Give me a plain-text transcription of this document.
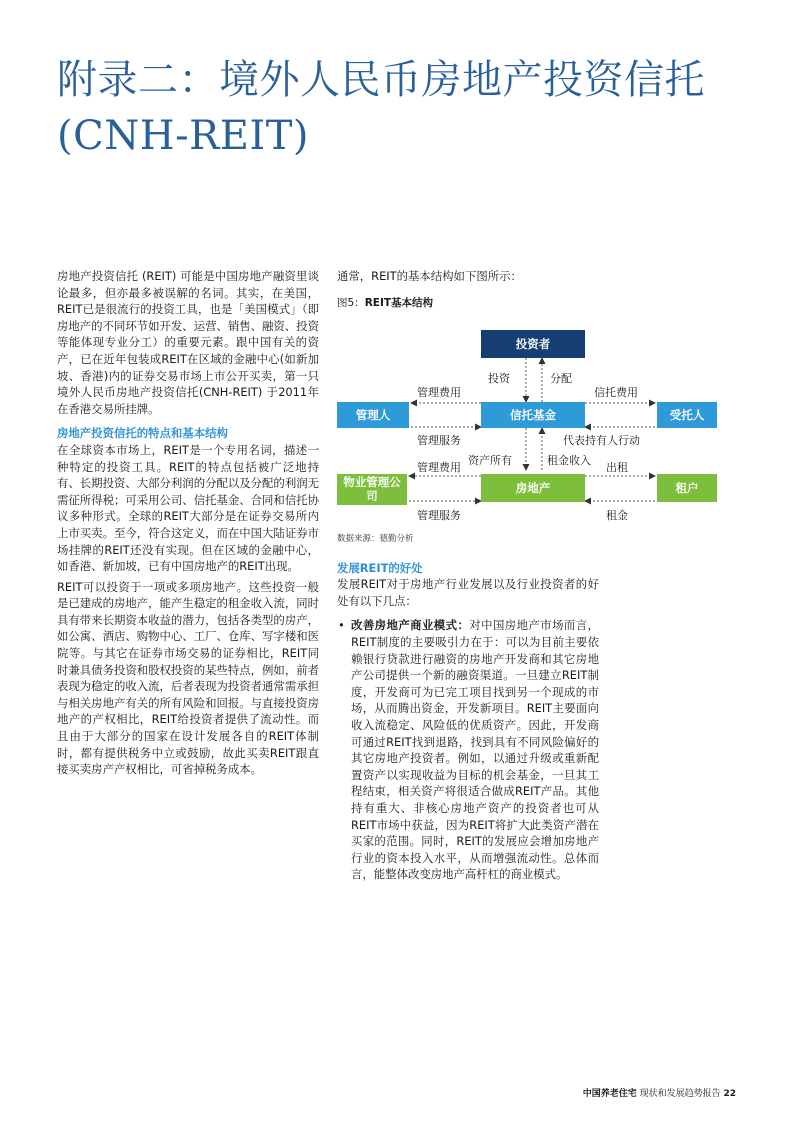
附录二：境外人民币房地产投资信托 (CNH-REIT)

房地产投资信托 (REIT) 可能是中国房地产融资里谈论最多，但亦最多被误解的名词。其实，在美国，REIT已是很流行的投资工具，也是「美国模式」（即房地产的不同环节如开发、运营、销售、融资、投资等能体现专业分工）的重要元素。跟中国有关的资产，已在近年包装成REIT在区域的金融中心(如新加坡、香港)内的证券交易市场上市公开买卖，第一只境外人民币房地产投资信托(CNH-REIT) 于2011年在香港交易所挂牌。

房地产投资信托的特点和基本结构

在全球资本市场上，REIT是一个专用名词，描述一种特定的投资工具。REIT的特点包括被广泛地持有、长期投资、大部分利润的分配以及分配的利润无需征所得税；可采用公司、信托基金、合同和信托协议多种形式。全球的REIT大部分是在证券交易所内上市买卖。至今，符合这定义，而在中国大陆证券市场挂牌的REIT还没有实现。但在区域的金融中心，如香港、新加坡，已有中国房地产的REIT出现。

REIT可以投资于一项或多项房地产。这些投资一般是已建成的房地产，能产生稳定的租金收入流，同时具有带来长期资本收益的潜力，包括各类型的房产，如公寓、酒店、购物中心、工厂、仓库、写字楼和医院等。与其它在证券市场交易的证券相比，REIT同时兼具债务投资和股权投资的某些特点，例如，前者表现为稳定的收入流，后者表现为投资者通常需承担与相关房地产有关的所有风险和回报。与直接投资房地产的产权相比，REIT给投资者提供了流动性。而且由于大部分的国家在设计发展各自的REIT体制时，都有提供税务中立或鼓励，故此买卖REIT跟直接买卖房产产权相比，可省掉税务成本。

通常，REIT的基本结构如下图所示：

图5：REIT基本结构
投资者
信托基金
管理人	受托人
房地产
物业管理公司
租户
投资	分配
管理费用	信托费用
管理服务	代表持有人行动
资产所有	租金收入
管理费用	出租
管理服务	租金

数据来源：德勤分析

发展REIT的好处

发展REIT对于房地产行业发展以及行业投资者的好处有以下几点：

• 改善房地产商业模式：对中国房地产市场而言，REIT制度的主要吸引力在于：可以为目前主要依赖银行贷款进行融资的房地产开发商和其它房地产公司提供一个新的融资渠道。一旦建立REIT制度，开发商可为已完工项目找到另一个现成的市场，从而腾出资金，开发新项目。REIT主要面向收入流稳定、风险低的优质资产。因此，开发商可通过REIT找到退路，找到具有不同风险偏好的其它房地产投资者。例如，以通过升级或重新配置资产以实现收益为目标的机会基金，一旦其工程结束，相关资产将很适合做成REIT产品。其他持有重大、非核心房地产资产的投资者也可从REIT市场中获益，因为REIT将扩大此类资产潜在买家的范围。同时，REIT的发展应会增加房地产行业的资本投入水平，从而增强流动性。总体而言，能整体改变房地产高杆杠的商业模式。
中国养老住宅 现状和发展趋势报告 22
